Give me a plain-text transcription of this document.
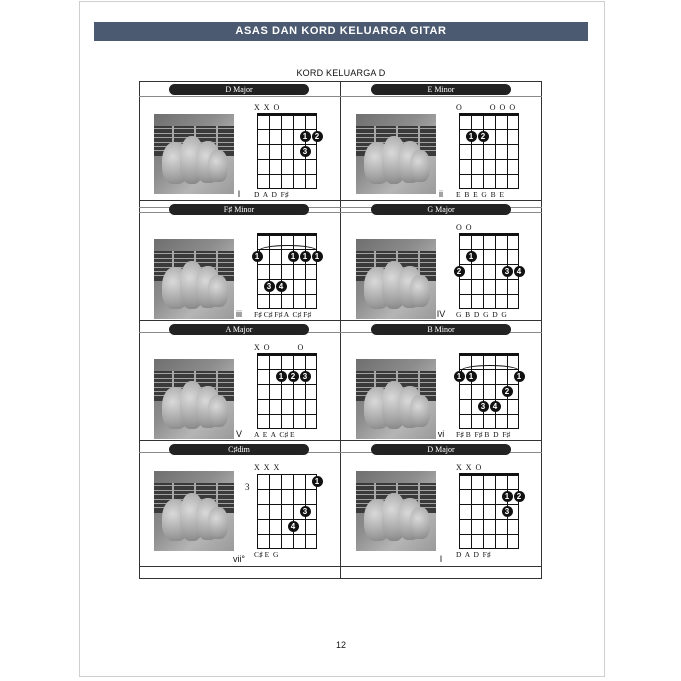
ASAS DAN KORD KELUARGA GITAR
KORD KELUARGA D
D Major
1 2
3
X  X  O
D  A  D  F♯
I
E Minor
1 2
O              O  O  O
E  B  E  G  B  E
ii
F♯ Minor
1	1 1 1
3 4
F♯ C♯ F♯ A  C♯ F♯
iii
G Major
1
2	3 4
O  O
G  B  D  G  D  G
IV
A Major
1 2 3
X  O              O
A  E  A  C♯ E
V
B Minor
1 1	1
2
3 4
F♯ B  F♯ B  D  F♯
vi
C♯dim
1
3
4
X  X  X
3
C♯ E  G
vii°
D Major
1 2
3
X  X  O
D  A  D  F♯
I
12
